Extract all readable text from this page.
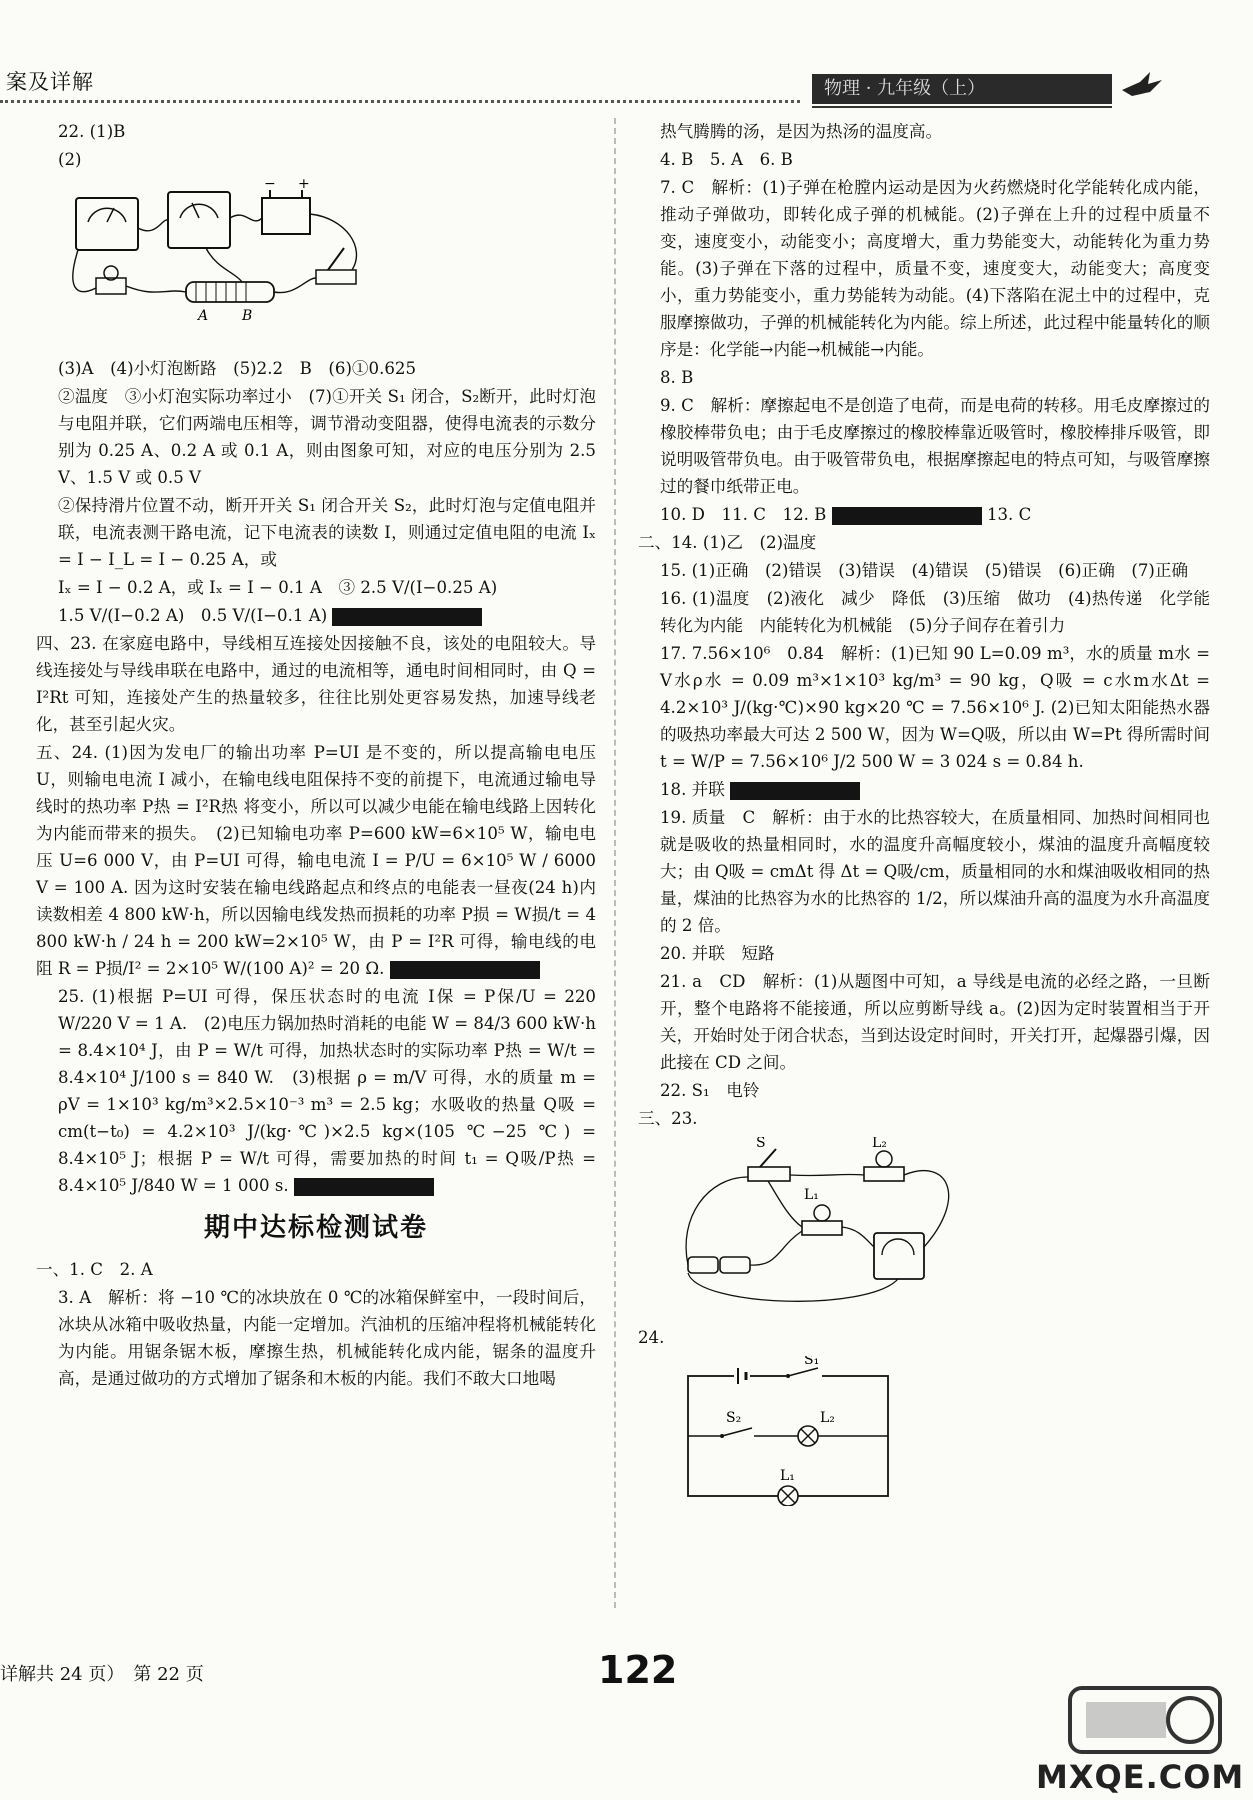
案及详解	物理 · 九年级（上）
22. (1)B
(2)
− +
A B
(3)A　(4)小灯泡断路　(5)2.2　B　(6)①0.625
②温度　③小灯泡实际功率过小　(7)①开关 S₁ 闭合，S₂断开，此时灯泡与电阻并联，它们两端电压相等，调节滑动变阻器，使得电流表的示数分别为 0.25 A、0.2 A 或 0.1 A，则由图象可知，对应的电压分别为 2.5 V、1.5 V 或 0.5 V
②保持滑片位置不动，断开开关 S₁ 闭合开关 S₂，此时灯泡与定值电阻并联，电流表测干路电流，记下电流表的读数 I，则通过定值电阻的电流 Iₓ = I − I_L = I − 0.25 A，或
Iₓ = I − 0.2 A，或 Iₓ = I − 0.1 A　③ 2.5 V/(I−0.25 A)
1.5 V/(I−0.2 A)　0.5 V/(I−0.1 A)
四、23. 在家庭电路中，导线相互连接处因接触不良，该处的电阻较大。导线连接处与导线串联在电路中，通过的电流相等，通电时间相同时，由 Q = I²Rt 可知，连接处产生的热量较多，往往比别处更容易发热，加速导线老化，甚至引起火灾。
五、24. (1)因为发电厂的输出功率 P=UI 是不变的，所以提高输电电压 U，则输电电流 I 减小，在输电线电阻保持不变的前提下，电流通过输电导线时的热功率 P热 = I²R热 将变小，所以可以减少电能在输电线路上因转化为内能而带来的损失。　(2)已知输电功率 P=600 kW=6×10⁵ W，输电电压 U=6 000 V，由 P=UI 可得，输电电流 I = P/U = 6×10⁵ W / 6000 V = 100 A. 因为这时安装在输电线路起点和终点的电能表一昼夜(24 h)内读数相差 4 800 kW·h，所以因输电线发热而损耗的功率 P损 = W损/t = 4 800 kW·h / 24 h = 200 kW=2×10⁵ W，由 P = I²R 可得，输电线的电阻 R = P损/I² = 2×10⁵ W/(100 A)² = 20 Ω.
25. (1)根据 P=UI 可得，保压状态时的电流 I保 = P保/U = 220 W/220 V = 1 A.　(2)电压力锅加热时消耗的电能 W = 84/3 600 kW·h = 8.4×10⁴ J，由 P = W/t 可得，加热状态时的实际功率 P热 = W/t = 8.4×10⁴ J/100 s = 840 W.　(3)根据 ρ = m/V 可得，水的质量 m = ρV = 1×10³ kg/m³×2.5×10⁻³ m³ = 2.5 kg；水吸收的热量 Q吸 = cm(t−t₀) = 4.2×10³ J/(kg·℃)×2.5 kg×(105 ℃−25 ℃) = 8.4×10⁵ J；根据 P = W/t 可得，需要加热的时间 t₁ = Q吸/P热 = 8.4×10⁵ J/840 W = 1 000 s.
期中达标检测试卷
一、1. C　2. A
3. A　解析：将 −10 ℃的冰块放在 0 ℃的冰箱保鲜室中，一段时间后，冰块从冰箱中吸收热量，内能一定增加。汽油机的压缩冲程将机械能转化为内能。用锯条锯木板，摩擦生热，机械能转化成内能，锯条的温度升高，是通过做功的方式增加了锯条和木板的内能。我们不敢大口地喝
热气腾腾的汤，是因为热汤的温度高。
4. B　5. A　6. B
7. C　解析：(1)子弹在枪膛内运动是因为火药燃烧时化学能转化成内能，推动子弹做功，即转化成子弹的机械能。(2)子弹在上升的过程中质量不变，速度变小，动能变小；高度增大，重力势能变大，动能转化为重力势能。(3)子弹在下落的过程中，质量不变，速度变大，动能变大；高度变小，重力势能变小，重力势能转为动能。(4)下落陷在泥土中的过程中，克服摩擦做功，子弹的机械能转化为内能。综上所述，此过程中能量转化的顺序是：化学能→内能→机械能→内能。
8. B
9. C　解析：摩擦起电不是创造了电荷，而是电荷的转移。用毛皮摩擦过的橡胶棒带负电；由于毛皮摩擦过的橡胶棒靠近吸管时，橡胶棒排斥吸管，即说明吸管带负电。由于吸管带负电，根据摩擦起电的特点可知，与吸管摩擦过的餐巾纸带正电。
10. D　11. C　12. B	13. C
二、14. (1)乙　(2)温度
15. (1)正确　(2)错误　(3)错误　(4)错误　(5)错误　(6)正确　(7)正确
16. (1)温度　(2)液化　减少　降低　(3)压缩　做功　(4)热传递　化学能转化为内能　内能转化为机械能　(5)分子间存在着引力
17. 7.56×10⁶　0.84　解析：(1)已知 90 L=0.09 m³，水的质量 m水 = V水ρ水 = 0.09 m³×1×10³ kg/m³ = 90 kg，Q吸 = c水m水Δt = 4.2×10³ J/(kg·℃)×90 kg×20 ℃ = 7.56×10⁶ J. (2)已知太阳能热水器的吸热功率最大可达 2 500 W，因为 W=Q吸，所以由 W=Pt 得所需时间 t = W/P = 7.56×10⁶ J/2 500 W = 3 024 s = 0.84 h.
18. 并联
19. 质量　C　解析：由于水的比热容较大，在质量相同、加热时间相同也就是吸收的热量相同时，水的温度升高幅度较小，煤油的温度升高幅度较大；由 Q吸 = cmΔt 得 Δt = Q吸/cm，质量相同的水和煤油吸收相同的热量，煤油的比热容为水的比热容的 1/2，所以煤油升高的温度为水升高温度的 2 倍。
20. 并联　短路
21. a　CD　解析：(1)从题图中可知，a 导线是电流的必经之路，一旦断开，整个电路将不能接通，所以应剪断导线 a。(2)因为定时装置相当于开关，开始时处于闭合状态，当到达设定时间时，开关打开，起爆器引爆，因此接在 CD 之间。
22. S₁　电铃
三、23.
S	L₂
L₁
24.
S₁
S₂	L₂
L₁
详解共 24 页）　第 22 页	122
MXQE.COM
